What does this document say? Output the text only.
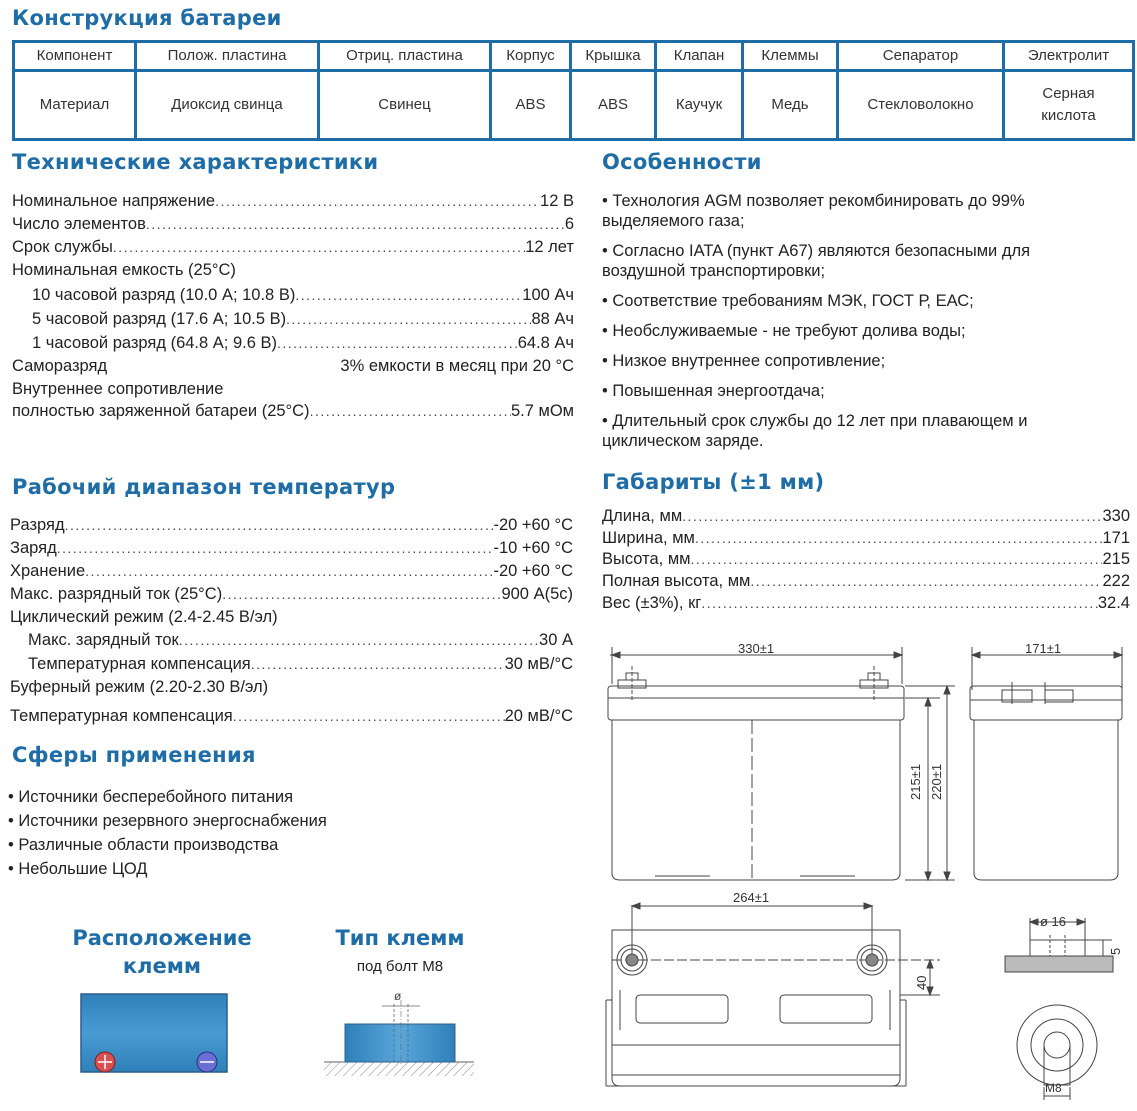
Конструкция батареи
Компонент	Полож. пластина	Отриц. пластина	Корпус	Крышка	Клапан	Клеммы	Сепаратор	Электролит
Материал	Диоксид свинца	Свинец	ABS	ABS	Каучук	Медь	Стекловолокно	Серная
кислота
Технические характеристики
Номинальное напряжение .....	12 В
Число элементов .....	6
Срок службы .....	12 лет
Номинальная емкость (25°С)
10 часовой разряд (10.0 А; 10.8 В) .....	100 Ач
5 часовой разряд (17.6 А; 10.5 В) .....	88 Ач
1 часовой разряд (64.8 А; 9.6 В) .....	64.8 Ач
Саморазряд	3% емкости в месяц при 20 °С
Внутреннее сопротивление
полностью заряженной батареи (25°С) .....	5.7 мОм
Рабочий диапазон температур
Разряд .....	-20 +60 °С
Заряд .....	-10 +60 °С
Хранение .....	-20 +60 °С
Макс. разрядный ток (25°С) .....	900 А(5с)
Циклический режим (2.4-2.45 В/эл)
Макс. зарядный ток .....	30 А
Температурная компенсация .....	30 мВ/°С
Буферный режим (2.20-2.30 В/эл)
Температурная компенсация .....	20 мВ/°С
Сферы применения
• Источники бесперебойного питания
• Источники резервного энергоснабжения
• Различные области производства
• Небольшие ЦОД
Особенности
• Технология AGM позволяет рекомбинировать до 99% выделяемого газа;
• Согласно IATA (пункт А67) являются безопасными для воздушной транспортировки;
• Соответствие требованиям МЭК, ГОСТ Р, ЕАС;
• Необслуживаемые - не требуют долива воды;
• Низкое внутреннее сопротивление;
• Повышенная энергоотдача;
• Длительный срок службы до 12 лет при плавающем и циклическом заряде.
Габариты (±1 мм)
Длина, мм .....	330
Ширина, мм .....	171
Высота, мм .....	215
Полная высота, мм .....	222
Вес (±3%), кг .....	32.4
Расположение
клемм
Тип клемм
под болт М8
ø
330±1	171±1
215±1 220±1
264±1
40
ø 16
5
M8
